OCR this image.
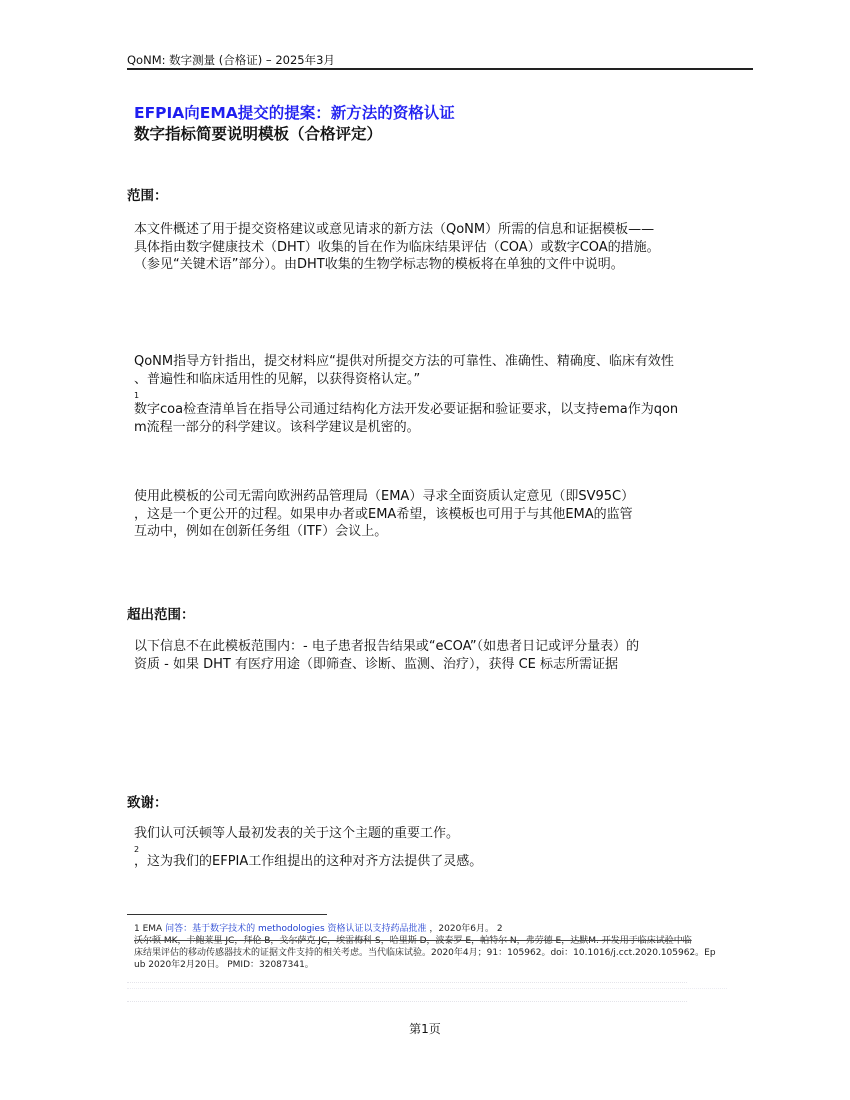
QoNM: 数字测量 (合格证) – 2025年3月
EFPIA向EMA提交的提案：新方法的资格认证
数字指标简要说明模板（合格评定）
范围：
本文件概述了用于提交资格建议或意见请求的新方法（QoNM）所需的信息和证据模板——
具体指由数字健康技术（DHT）收集的旨在作为临床结果评估（COA）或数字COA的措施。
（参见“关键术语”部分）。由DHT收集的生物学标志物的模板将在单独的文件中说明。
QoNM指导方针指出，提交材料应“提供对所提交方法的可靠性、准确性、精确度、临床有效性
、普遍性和临床适用性的见解，以获得资格认定。”
1
数字coa检查清单旨在指导公司通过结构化方法开发必要证据和验证要求，以支持ema作为qon
m流程一部分的科学建议。该科学建议是机密的。
使用此模板的公司无需向欧洲药品管理局（EMA）寻求全面资质认定意见（即SV95C）
，这是一个更公开的过程。如果申办者或EMA希望，该模板也可用于与其他EMA的监管
互动中，例如在创新任务组（ITF）会议上。
超出范围：
以下信息不在此模板范围内：- 电子患者报告结果或“eCOA”（如患者日记或评分量表）的
资质 - 如果 DHT 有医疗用途（即筛查、诊断、监测、治疗），获得 CE 标志所需证据
致谢：
我们认可沃顿等人最初发表的关于这个主题的重要工作。
2
，这为我们的EFPIA工作组提出的这种对齐方法提供了灵感。
1 EMA 问答：基于数字技术的 methodologies 资格认证以支持药品批准 ，2020年6月。 2
沃尔顿 MK，卡鲍莱里 JC，拜伦 B，戈尔萨克 JC，埃雷梅科 S，哈里斯 D，波泰罗 E，帕特尔 N，弗劳德 E，达默M. 开发用于临床试验中临
床结果评估的移动传感器技术的证据文件支持的相关考虑。当代临床试验。2020年4月；91：105962。doi：10.1016/j.cct.2020.105962。Ep
ub 2020年2月20日。 PMID：32087341。
第1页
